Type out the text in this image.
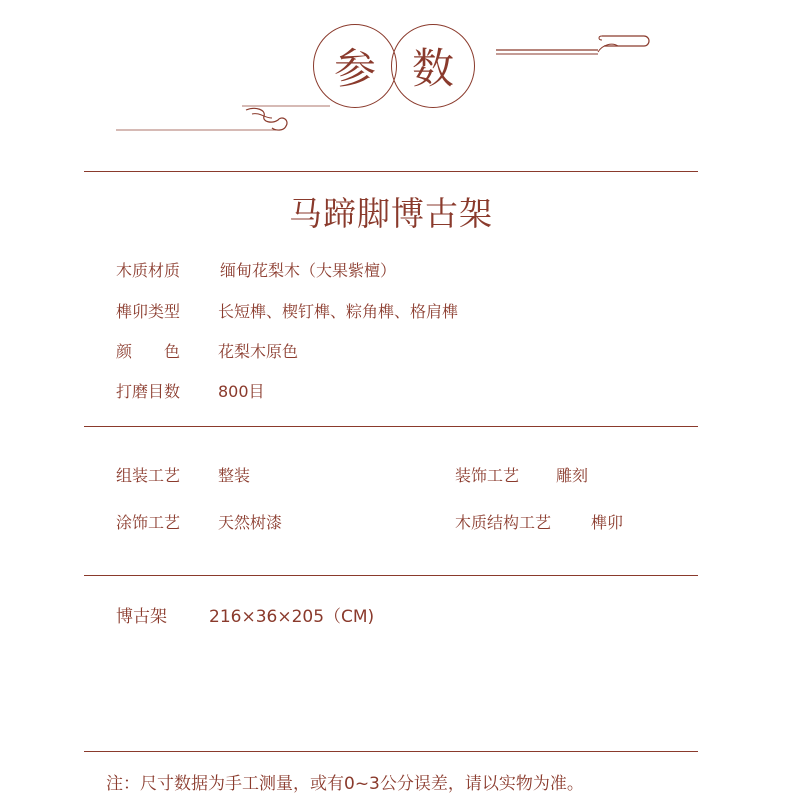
参 数
马蹄脚博古架
木质材质 缅甸花梨木（大果紫檀）
榫卯类型 长短榫、楔钉榫、粽角榫、格肩榫
颜　　色 花梨木原色
打磨目数 800目
组装工艺 整装	装饰工艺 雕刻
涂饰工艺 天然树漆	木质结构工艺 榫卯
博古架 216×36×205（CM)
注：尺寸数据为手工测量，或有0~3公分误差，请以实物为准。
